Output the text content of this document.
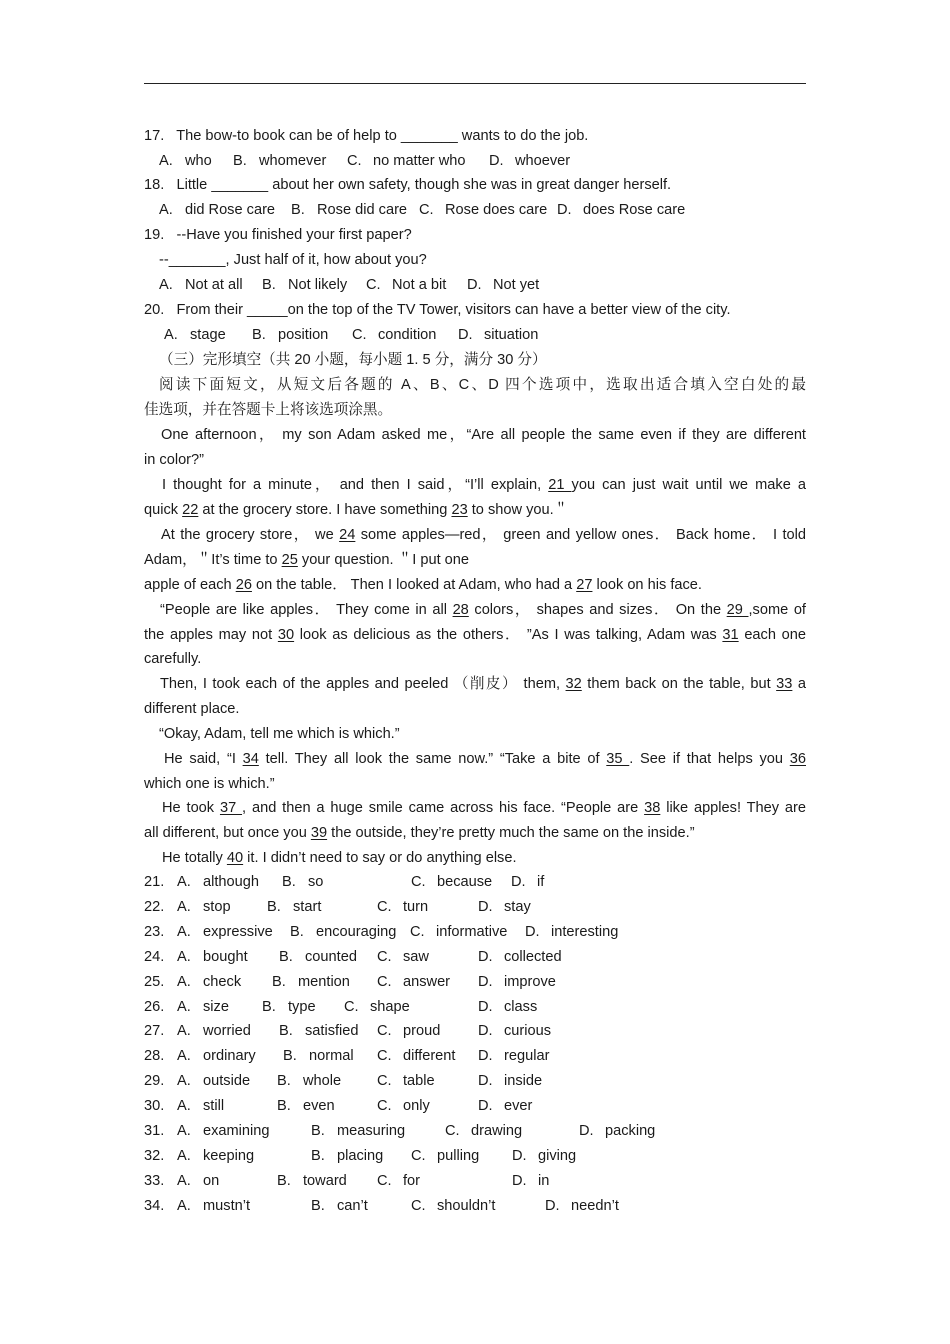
17. The bow-to book can be of help to _______ wants to do the job.
A. who B. whomever C. no matter who D. whoever
18. Little _______ about her own safety, though she was in great danger herself.
A. did Rose care B. Rose did care C. Rose does care D. does Rose care
19. --Have you finished your first paper?
--_______, Just half of it, how about you?
A. Not at all B. Not likely C. Not a bit D. Not yet
20. From their _____on the top of the TV Tower, visitors can have a better view of the city.
A. stage B. position C. condition D. situation
（三）完形填空（共 20 小题，每小题 1. 5 分，满分 30 分）
阅读下面短文，从短文后各题的 A、B、C、D 四个选项中，选取出适合填入空白处的最
佳选项，并在答题卡上将该选项涂黑。
One afternoon， my son Adam asked me，“Are all people the same even if they are different
in color?”
I thought for a minute， and then I said，“I’ll explain, 21 you can just wait until we make a
quick 22 at the grocery store. I have something 23 to show you.＂
At the grocery store， we 24 some apples—red， green and yellow ones． Back home． I told
Adam，＂It’s time to 25 your question. ＂I put one
apple of each 26 on the table． Then I looked at Adam, who had a 27 look on his face.
“People are like apples． They come in all 28 colors， shapes and sizes． On the 29 ,some of
the apples may not 30 look as delicious as the others． ”As I was talking, Adam was 31 each one
carefully.
Then, I took each of the apples and peeled （削皮） them, 32 them back on the table, but 33 a
different place.
“Okay, Adam, tell me which is which.”
He said, “I 34 tell. They all look the same now.” “Take a bite of 35 . See if that helps you 36
which one is which.”
He took 37 , and then a huge smile came across his face. “People are 38 like apples! They are
all different, but once you 39 the outside, they’re pretty much the same on the inside.”
He totally 40 it. I didn’t need to say or do anything else.
21. A. although B. so	C. because D. if
22. A. stop B. start	C. turn	D. stay
23. A. expressive B. encouraging C. informative D. interesting
24. A. bought B. counted C. saw	D. collected
25. A. check B. mention C. answer D. improve
26. A. size B. type C. shape	D. class
27. A. worried B. satisfied C. proud	D. curious
28. A. ordinary B. normal C. different D. regular
29. A. outside B. whole C. table	D. inside
30. A. still	B. even	C. only	D. ever
31. A. examining	B. measuring	C. drawing	D. packing
32. A. keeping	B. placing C. pulling D. giving
33. A. on	B. toward C. for	D. in
34. A. mustn’t	B. can’t	C. shouldn’t	D. needn’t
